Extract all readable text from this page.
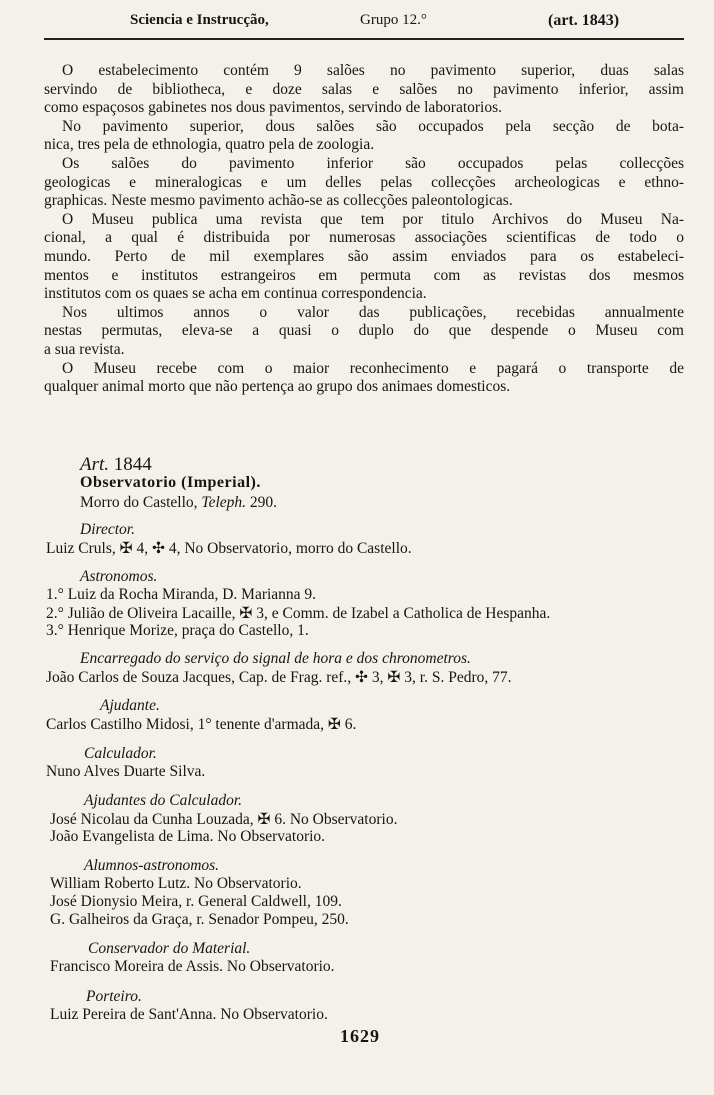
Sciencia e Instrucção,	Grupo 12.°	(art. 1843)
O estabelecimento contém 9 salões no pavimento superior, duas salas
servindo de bibliotheca, e doze salas e salões no pavimento inferior, assim
como espaçosos gabinetes nos dous pavimentos, servindo de laboratorios.
No pavimento superior, dous salões são occupados pela secção de bota-
nica, tres pela de ethnologia, quatro pela de zoologia.
Os salões do pavimento inferior são occupados pelas collecções
geologicas e mineralogicas e um delles pelas collecções archeologicas e ethno-
graphicas. Neste mesmo pavimento achão-se as collecções paleontologicas.
O Museu publica uma revista que tem por titulo Archivos do Museu Na-
cional, a qual é distribuida por numerosas associações scientificas de todo o
mundo. Perto de mil exemplares são assim enviados para os estabeleci-
mentos e institutos estrangeiros em permuta com as revistas dos mesmos
institutos com os quaes se acha em continua correspondencia.
Nos ultimos annos o valor das publicações, recebidas annualmente
nestas permutas, eleva-se a quasi o duplo do que despende o Museu com
a sua revista.
O Museu recebe com o maior reconhecimento e pagará o transporte de
qualquer animal morto que não pertença ao grupo dos animaes domesticos.
Art. 1844
Observatorio (Imperial).
Morro do Castello, Teleph. 290.
Director.
Luiz Cruls, ✠ 4, ✣ 4, No Observatorio, morro do Castello.
Astronomos.
1.° Luiz da Rocha Miranda, D. Marianna 9.
2.° Julião de Oliveira Lacaille, ✠ 3, e Comm. de Izabel a Catholica de Hespanha.
3.° Henrique Morize, praça do Castello, 1.
Encarregado do serviço do signal de hora e dos chronometros.
João Carlos de Souza Jacques, Cap. de Frag. ref., ✣ 3, ✠ 3, r. S. Pedro, 77.
Ajudante.
Carlos Castilho Midosi, 1° tenente d'armada, ✠ 6.
Calculador.
Nuno Alves Duarte Silva.
Ajudantes do Calculador.
José Nicolau da Cunha Louzada, ✠ 6. No Observatorio.
João Evangelista de Lima. No Observatorio.
Alumnos-astronomos.
William Roberto Lutz. No Observatorio.
José Dionysio Meira, r. General Caldwell, 109.
G. Galheiros da Graça, r. Senador Pompeu, 250.
Conservador do Material.
Francisco Moreira de Assis. No Observatorio.
Porteiro.
Luiz Pereira de Sant'Anna. No Observatorio.
1629
